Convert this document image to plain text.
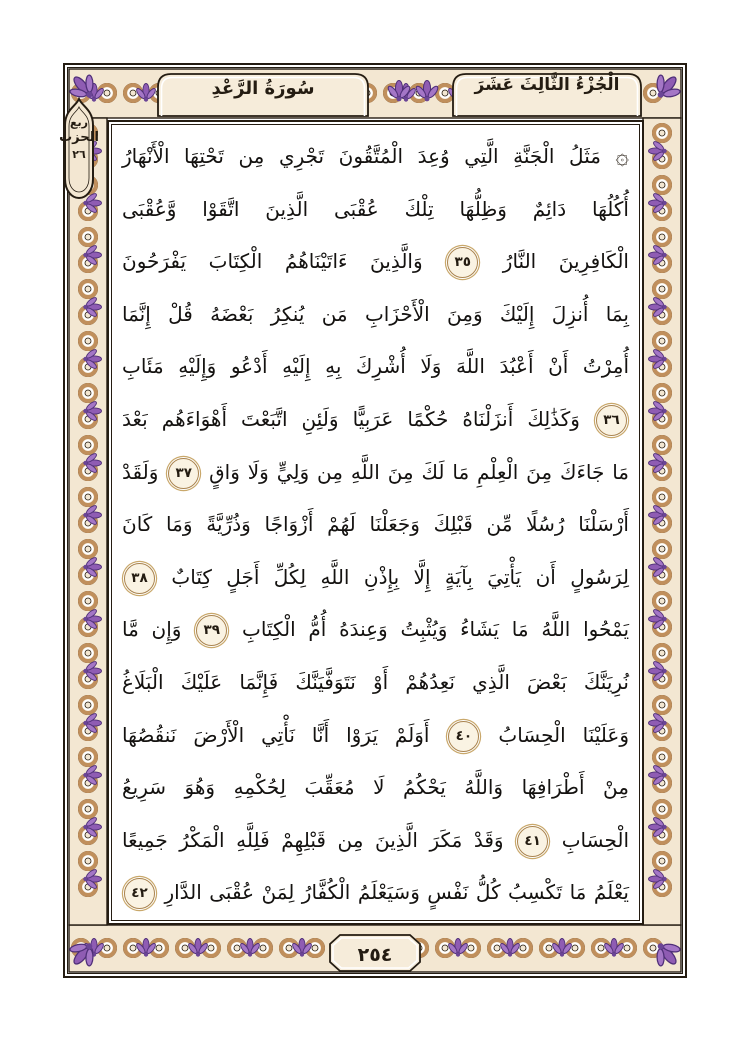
سُورَةُ الرَّعْدِ	الْجُزْءُ الثَّالِثَ عَشَرَ
ربع
الحزب
٢٦
٢٥٤
۞ مَثَلُ الْجَنَّةِ الَّتِي وُعِدَ الْمُتَّقُونَ تَجْرِي مِن تَحْتِهَا الْأَنْهَارُ
أُكُلُهَا دَائِمٌ وَظِلُّهَا تِلْكَ عُقْبَى الَّذِينَ اتَّقَوْا وَّعُقْبَى
الْكَافِرِينَ النَّارُ ٣٥ وَالَّذِينَ ءَاتَيْنَاهُمُ الْكِتَابَ يَفْرَحُونَ
بِمَا أُنزِلَ إِلَيْكَ وَمِنَ الْأَحْزَابِ مَن يُنكِرُ بَعْضَهُ قُلْ إِنَّمَا
أُمِرْتُ أَنْ أَعْبُدَ اللَّهَ وَلَا أُشْرِكَ بِهِ إِلَيْهِ أَدْعُو وَإِلَيْهِ مَئَابِ
٣٦ وَكَذَٰلِكَ أَنزَلْنَاهُ حُكْمًا عَرَبِيًّا وَلَئِنِ اتَّبَعْتَ أَهْوَاءَهُم بَعْدَ
مَا جَاءَكَ مِنَ الْعِلْمِ مَا لَكَ مِنَ اللَّهِ مِن وَلِيٍّ وَلَا وَاقٍ ٣٧ وَلَقَدْ
أَرْسَلْنَا رُسُلًا مِّن قَبْلِكَ وَجَعَلْنَا لَهُمْ أَزْوَاجًا وَذُرِّيَّةً وَمَا كَانَ
لِرَسُولٍ أَن يَأْتِيَ بِآيَةٍ إِلَّا بِإِذْنِ اللَّهِ لِكُلِّ أَجَلٍ كِتَابٌ ٣٨
يَمْحُوا اللَّهُ مَا يَشَاءُ وَيُثْبِتُ وَعِندَهُ أُمُّ الْكِتَابِ ٣٩ وَإِن مَّا
نُرِيَنَّكَ بَعْضَ الَّذِي نَعِدُهُمْ أَوْ نَتَوَفَّيَنَّكَ فَإِنَّمَا عَلَيْكَ الْبَلَاغُ
وَعَلَيْنَا الْحِسَابُ ٤٠ أَوَلَمْ يَرَوْا أَنَّا نَأْتِي الْأَرْضَ نَنقُصُهَا
مِنْ أَطْرَافِهَا وَاللَّهُ يَحْكُمُ لَا مُعَقِّبَ لِحُكْمِهِ وَهُوَ سَرِيعُ
الْحِسَابِ ٤١ وَقَدْ مَكَرَ الَّذِينَ مِن قَبْلِهِمْ فَلِلَّهِ الْمَكْرُ جَمِيعًا
يَعْلَمُ مَا تَكْسِبُ كُلُّ نَفْسٍ وَسَيَعْلَمُ الْكُفَّارُ لِمَنْ عُقْبَى الدَّارِ ٤٢
